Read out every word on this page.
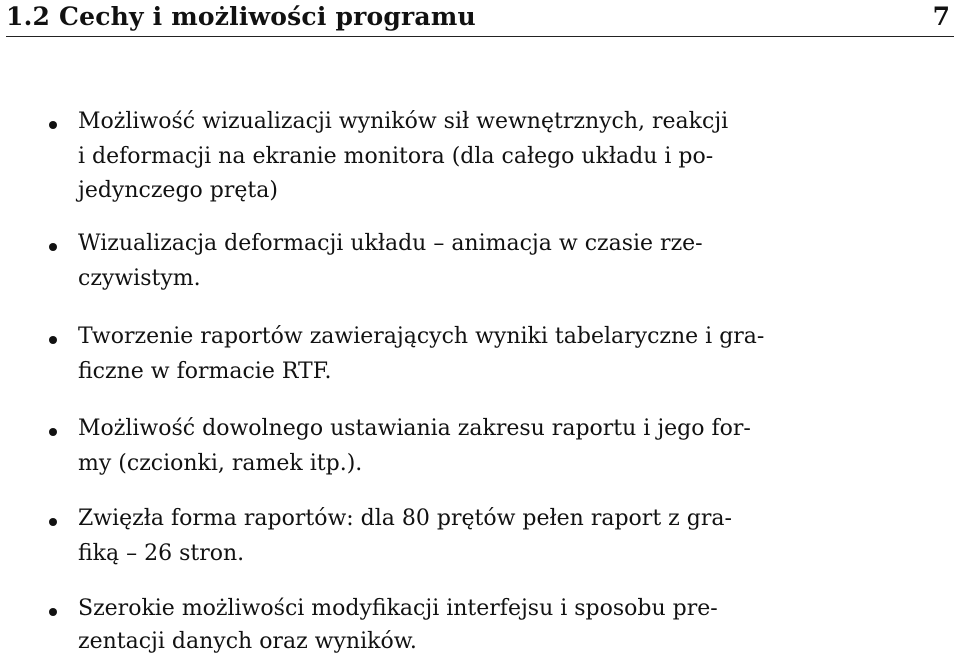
1.2 Cechy i możliwości programu	7
Możliwość wizualizacji wyników sił wewnętrznych, reakcji
i deformacji na ekranie monitora (dla całego układu i po-
jedynczego pręta)
Wizualizacja deformacji układu – animacja w czasie rze-
czywistym.
Tworzenie raportów zawierających wyniki tabelaryczne i gra-
ficzne w formacie RTF.
Możliwość dowolnego ustawiania zakresu raportu i jego for-
my (czcionki, ramek itp.).
Zwięzła forma raportów: dla 80 prętów pełen raport z gra-
fiką – 26 stron.
Szerokie możliwości modyfikacji interfejsu i sposobu pre-
zentacji danych oraz wyników.
